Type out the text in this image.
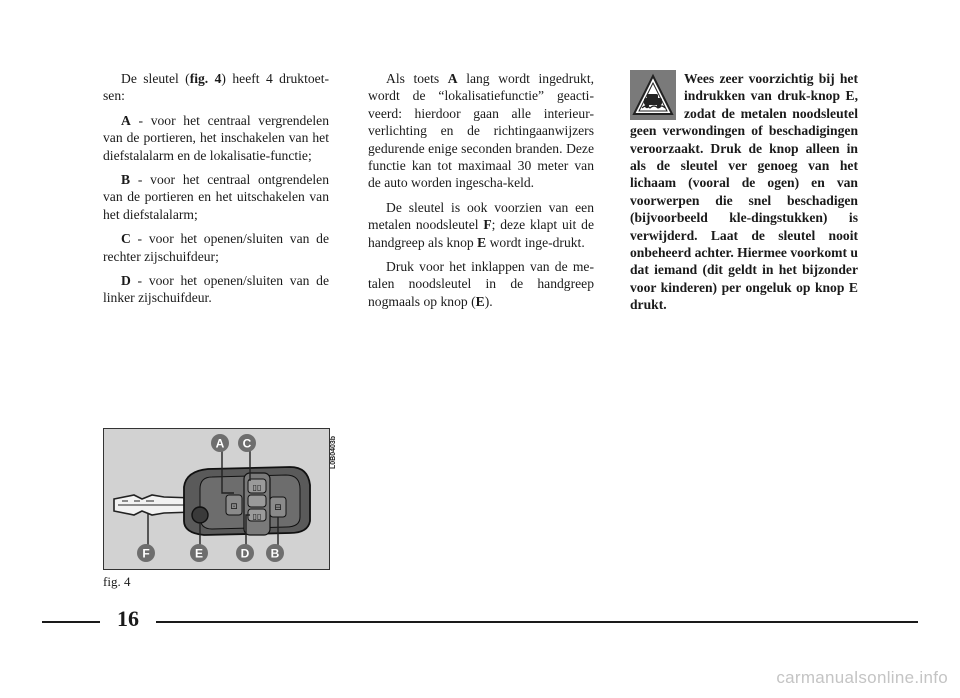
De sleutel (fig. 4) heeft 4 druktoet-sen:

A - voor het centraal vergrendelen van de portieren, het inschakelen van het diefstalalarm en de lokalisatie-functie;

B - voor het centraal ontgrendelen van de portieren en het uitschakelen van het diefstalalarm;

C - voor het openen/sluiten van de rechter zijschuifdeur;

D - voor het openen/sluiten van de linker zijschuifdeur.

Als toets A lang wordt ingedrukt, wordt de “lokalisatiefunctie” geacti-veerd: hierdoor gaan alle interieur-verlichting en de richtingaanwijzers gedurende enige seconden branden. Deze functie kan tot maximaal 30 meter van de auto worden ingescha-keld.

De sleutel is ook voorzien van een metalen noodsleutel F; deze klapt uit de handgreep als knop E wordt inge-drukt.

Druk voor het inklappen van de me-talen noodsleutel in de handgreep nogmaals op knop (E).

Wees zeer voorzichtig bij het indrukken van druk-knop E, zodat de metalen noodsleutel geen verwondingen of beschadigingen veroorzaakt. Druk de knop alleen in als de sleutel ver genoeg van het lichaam (vooral de ogen) en van voorwerpen die snel beschadigen (bijvoorbeeld kle-dingstukken) is verwijderd. Laat de sleutel nooit onbeheerd achter. Hiermee voorkomt u dat iemand (dit geldt in het bijzonder voor kinderen) per ongeluk op knop E drukt.

▯▯
▯▯
⊡	⊟
A C
F	E	D B
L0B0403b
fig. 4
16
carmanualsonline.info
